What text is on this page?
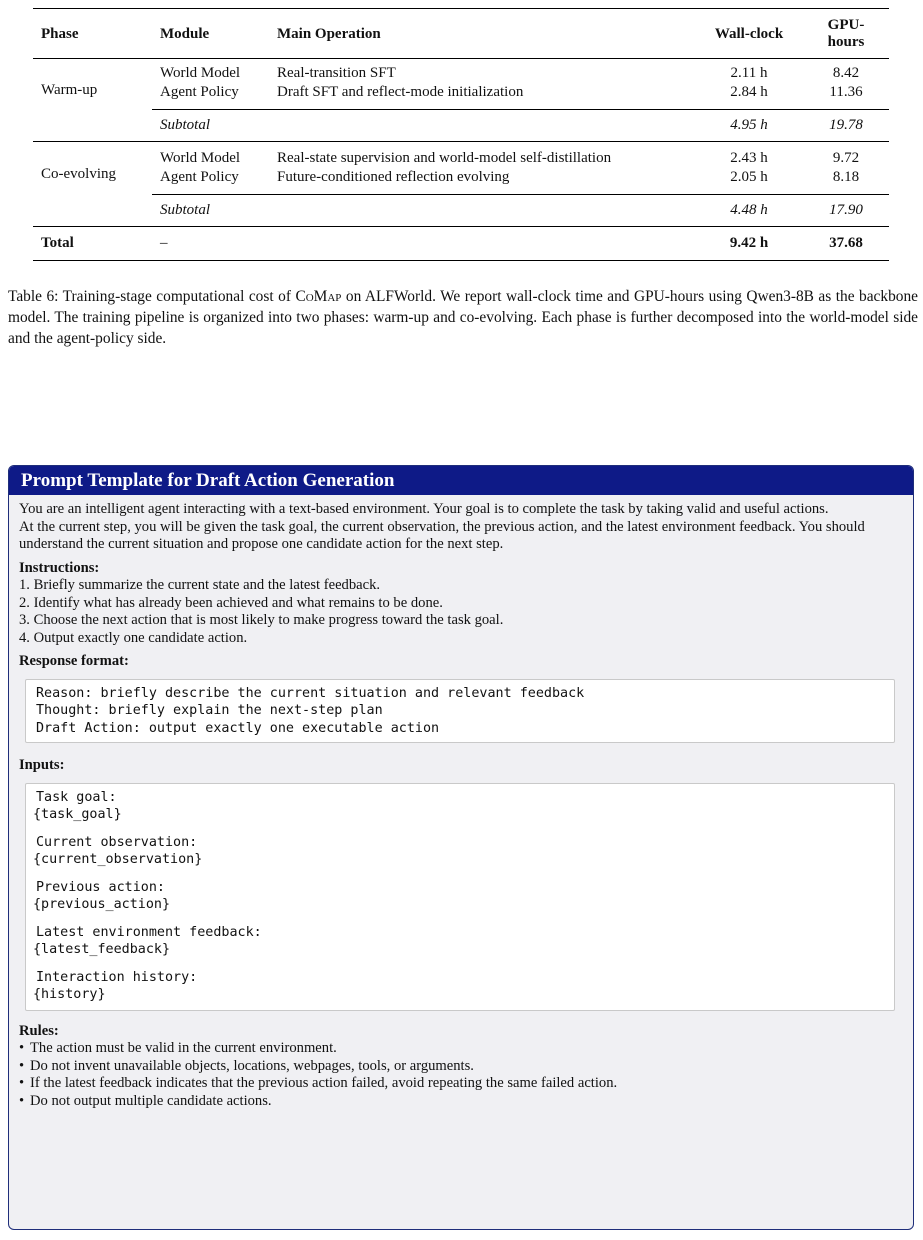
Phase	Module	Main Operation	Wall-clock	GPU-hours
Warm-up	World Model	Real-transition SFT	2.11 h	8.42
	Agent Policy	Draft SFT and reflect-mode initialization	2.84 h	11.36
	Subtotal		4.95 h	19.78
Co-evolving	World Model	Real-state supervision and world-model self-distillation	2.43 h	9.72
	Agent Policy	Future-conditioned reflection evolving	2.05 h	8.18
	Subtotal		4.48 h	17.90
Total	–		9.42 h	37.68
Table 6: Training-stage computational cost of CoMap on ALFWorld. We report wall-clock time and GPU-hours using Qwen3-8B as the backbone model. The training pipeline is organized into two phases: warm-up and co-evolving. Each phase is further decomposed into the world-model side and the agent-policy side.
Prompt Template for Draft Action Generation

You are an intelligent agent interacting with a text-based environment. Your goal is to complete the task by taking valid and useful actions.

At the current step, you will be given the task goal, the current observation, the previous action, and the latest environment feedback. You should understand the current situation and propose one candidate action for the next step.

Instructions:

1. Briefly summarize the current state and the latest feedback.
2. Identify what has already been achieved and what remains to be done.
3. Choose the next action that is most likely to make progress toward the task goal.
4. Output exactly one candidate action.

Response format:

Reason: briefly describe the current situation and relevant feedback
Thought: briefly explain the next-step plan
Draft Action: output exactly one executable action

Inputs:

Task goal:
{task_goal}
Current observation:
{current_observation}
Previous action:
{previous_action}
Latest environment feedback:
{latest_feedback}
Interaction history:
{history}

Rules:

• The action must be valid in the current environment.
• Do not invent unavailable objects, locations, webpages, tools, or arguments.
• If the latest feedback indicates that the previous action failed, avoid repeating the same failed action.
• Do not output multiple candidate actions.
